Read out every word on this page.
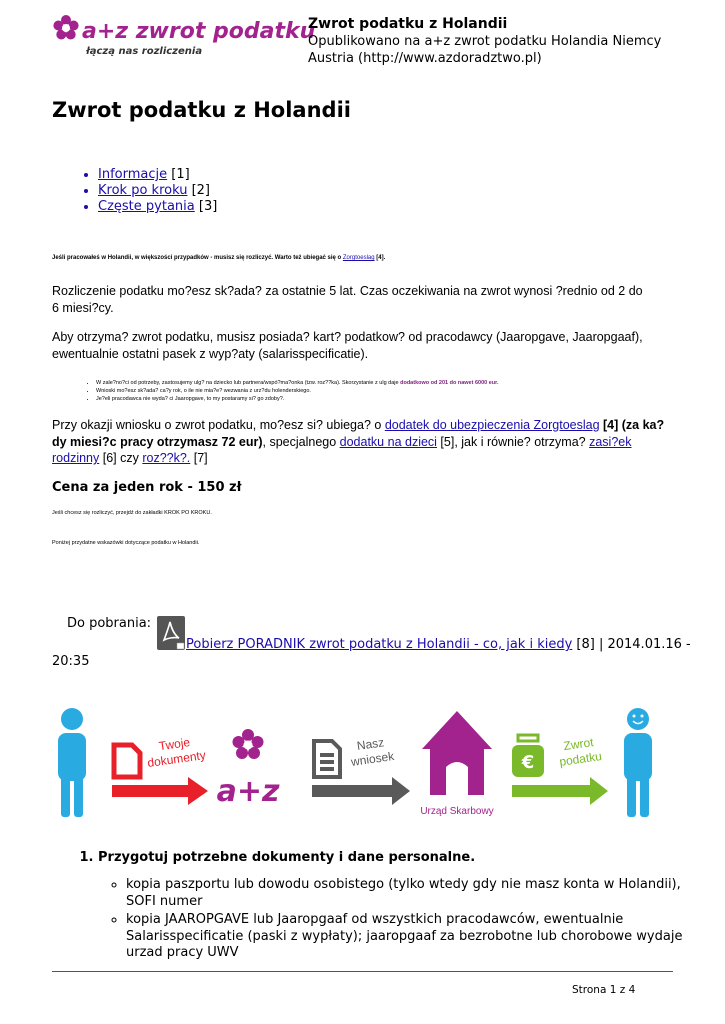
a+z zwrot podatku
łączą nas rozliczenia
Zwrot podatku z Holandii
Opublikowano na a+z zwrot podatku Holandia Niemcy Austria (http://www.azdoradztwo.pl)
Zwrot podatku z Holandii
• Informacje [1]
• Krok po kroku [2]
• Częste pytania [3]
Jeśli pracowałeś w Holandii, w większości przypadków - musisz się rozliczyć. Warto też ubiegać się o Zorgtoeslag [4].
Rozliczenie podatku mo?esz sk?ada? za ostatnie 5 lat. Czas oczekiwania na zwrot wynosi ?rednio od 2 do 6 miesi?cy.
Aby otrzyma? zwrot podatku, musisz posiada? kart? podatkow? od pracodawcy (Jaaropgave, Jaaropgaaf), ewentualnie ostatni pasek z wyp?aty (salarisspecificatie).
• W zale?no?ci od potrzeby, zastosujemy ulg? na dziecko lub partnera/wspó?ma?onka (tzw. roz??ka). Skorzystanie z ulg daje dodatkowo od 201 do nawet 6000 eur.
• Wnioski mo?esz sk?ada? ca?y rok, o ile nie mia?e? wezwania z urz?du holenderskiego.
• Je?eli pracodawca nie wyda? ci Jaaropgave, to my postaramy si? go zdoby?.
Przy okazji wniosku o zwrot podatku, mo?esz si? ubiega? o dodatek do ubezpieczenia Zorgtoeslag [4] (za ka?dy miesi?c pracy otrzymasz 72 eur), specjalnego dodatku na dzieci [5], jak i równie? otrzyma? zasi?ek rodzinny [6] czy roz??k?. [7]
Cena za jeden rok - 150 zł
Jeśli chcesz się rozliczyć, przejdź do zakładki KROK PO KROKU.
Poniżej przydatne wskazówki dotyczące podatku w Holandii.
Do pobrania:
Pobierz PORADNIK zwrot podatku z Holandii - co, jak i kiedy [8] | 2014.01.16 -
20:35
Twoje
dokumenty
a+z
Nasz
wniosek
Urząd Skarbowy
€
Zwrot
podatku
1. Przygotuj potrzebne dokumenty i dane personalne.
◦ kopia paszportu lub dowodu osobistego (tylko wtedy gdy nie masz konta w Holandii), SOFI numer
◦ kopia JAAROPGAVE lub Jaaropgaaf od wszystkich pracodawców, ewentualnie Salarisspecificatie (paski z wypłaty); jaaropgaaf za bezrobotne lub chorobowe wydaje urzad pracy UWV
Strona 1 z 4
